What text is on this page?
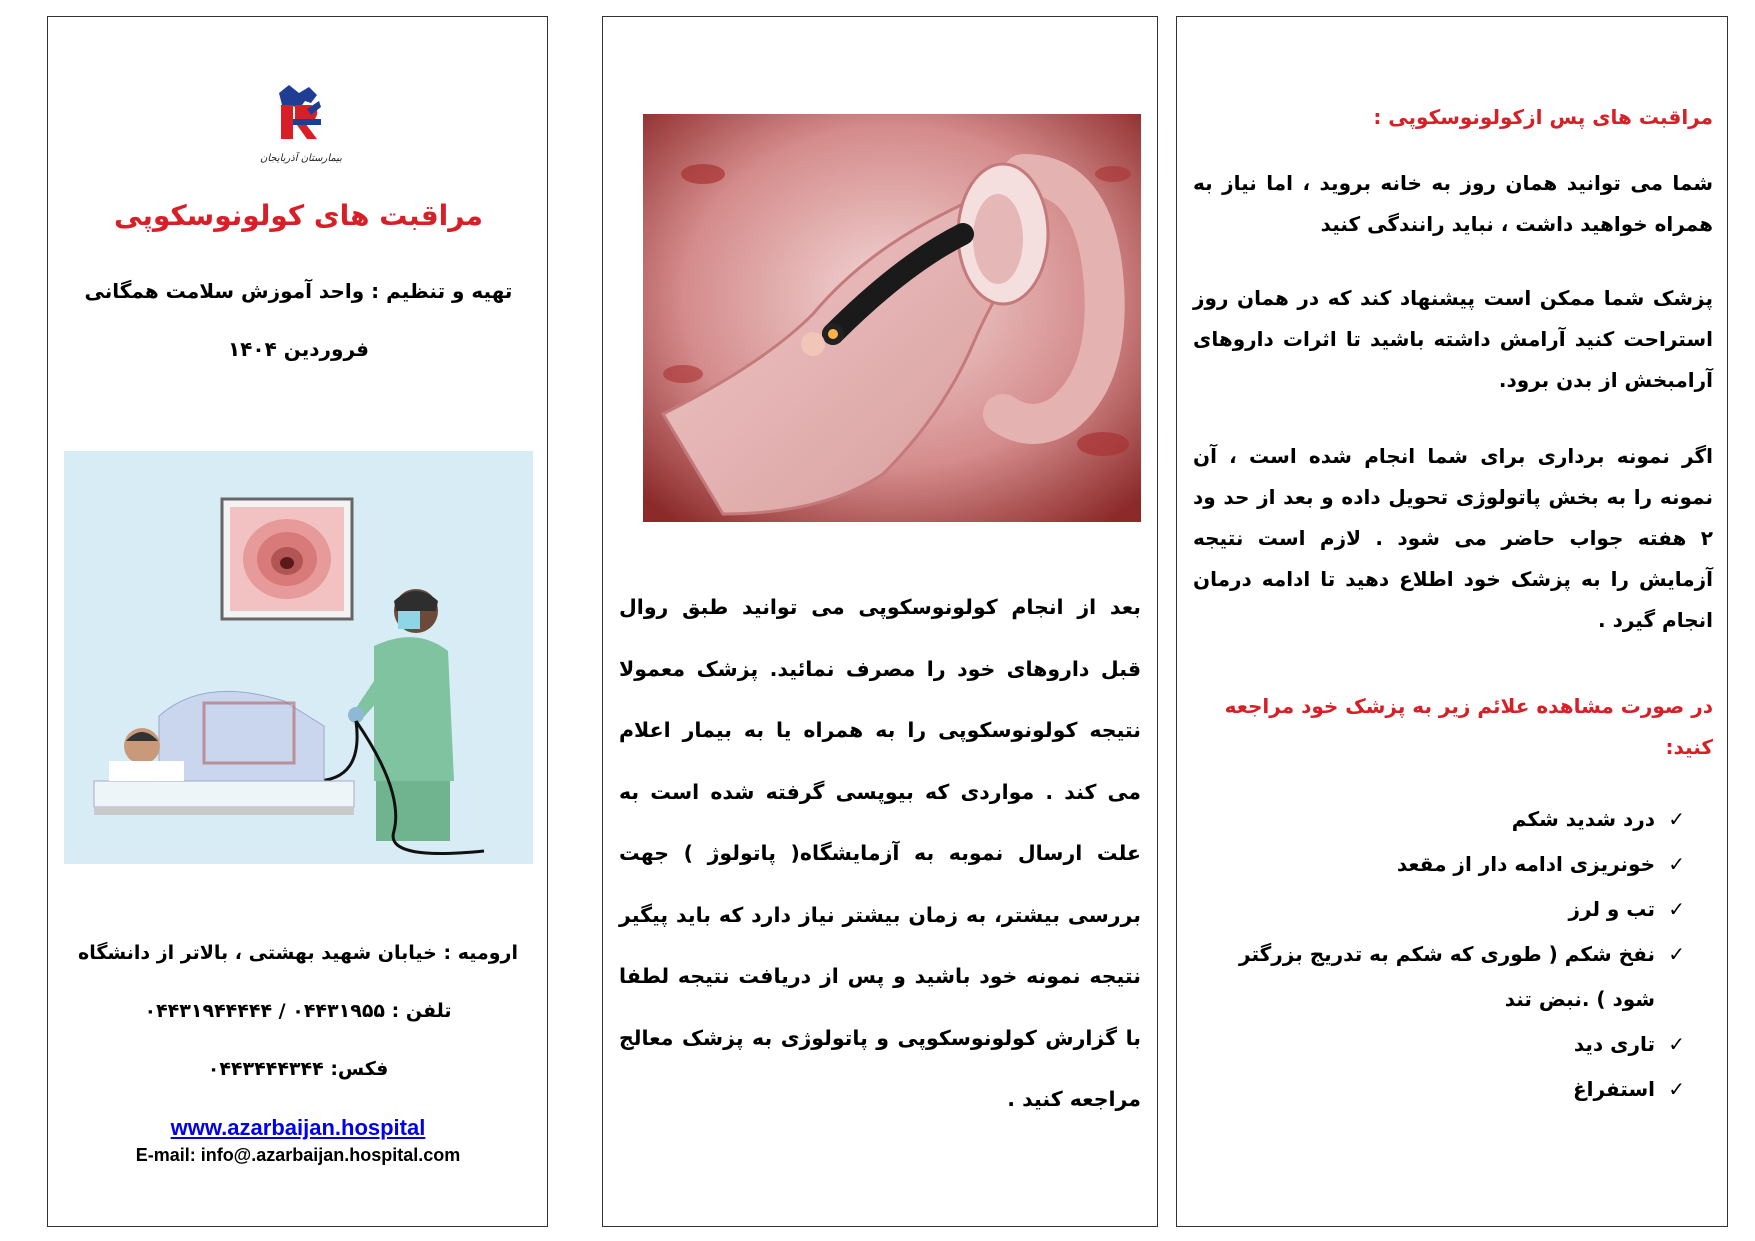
بیمارستان آذربایجان
مراقبت های کولونوسکوپی
تهیه و تنظیم : واحد آموزش سلامت همگانی
فروردین ۱۴۰۴
ارومیه : خیابان شهید بهشتی ، بالاتر از دانشگاه
تلفن : ۰۴۴۳۱۹۵۵ / ۰۴۴۳۱۹۴۴۴۴۴
فکس: ۰۴۴۳۴۴۴۳۴۴
www.azarbaijan.hospital
E-mail: info@.azarbaijan.hospital.com
بعد از انجام کولونوسکوپی می توانید طبق روال قبل داروهای خود را مصرف نمائید. پزشک معمولا نتیجه کولونوسکوپی را به همراه یا به بیمار اعلام می کند . مواردی که بیوپسی گرفته شده است به علت ارسال نموبه به آزمایشگاه( پاتولوژ ) جهت بررسی بیشتر، به زمان بیشتر نیاز دارد که باید پیگیر نتیجه نمونه خود باشید و پس از دریافت نتیجه لطفا با گزارش کولونوسکوپی و پاتولوژی به پزشک معالج مراجعه کنید .
مراقبت های پس ازکولونوسکوپی :
شما می توانید همان روز به خانه بروید ، اما نیاز به همراه خواهید داشت ، نباید رانندگی کنید
پزشک شما ممکن است پیشنهاد کند که در همان روز استراحت کنید آرامش داشته باشید تا اثرات داروهای آرامبخش از بدن برود.
اگر نمونه برداری برای شما انجام شده است ، آن نمونه را به بخش پاتولوژی تحویل داده و بعد از حد ود ۲ هفته جواب حاضر می شود . لازم است نتیجه آزمایش را به پزشک خود اطلاع دهید تا ادامه درمان انجام گیرد .
در صورت مشاهده علائم زیر به پزشک خود مراجعه کنید:
✓
درد شدید شکم
✓
خونریزی ادامه دار از مقعد
✓
تب و لرز
✓
نفخ شکم ( طوری که شکم به تدریج بزرگتر شود ) .نبض تند
✓
تاری دید
✓
استفراغ
